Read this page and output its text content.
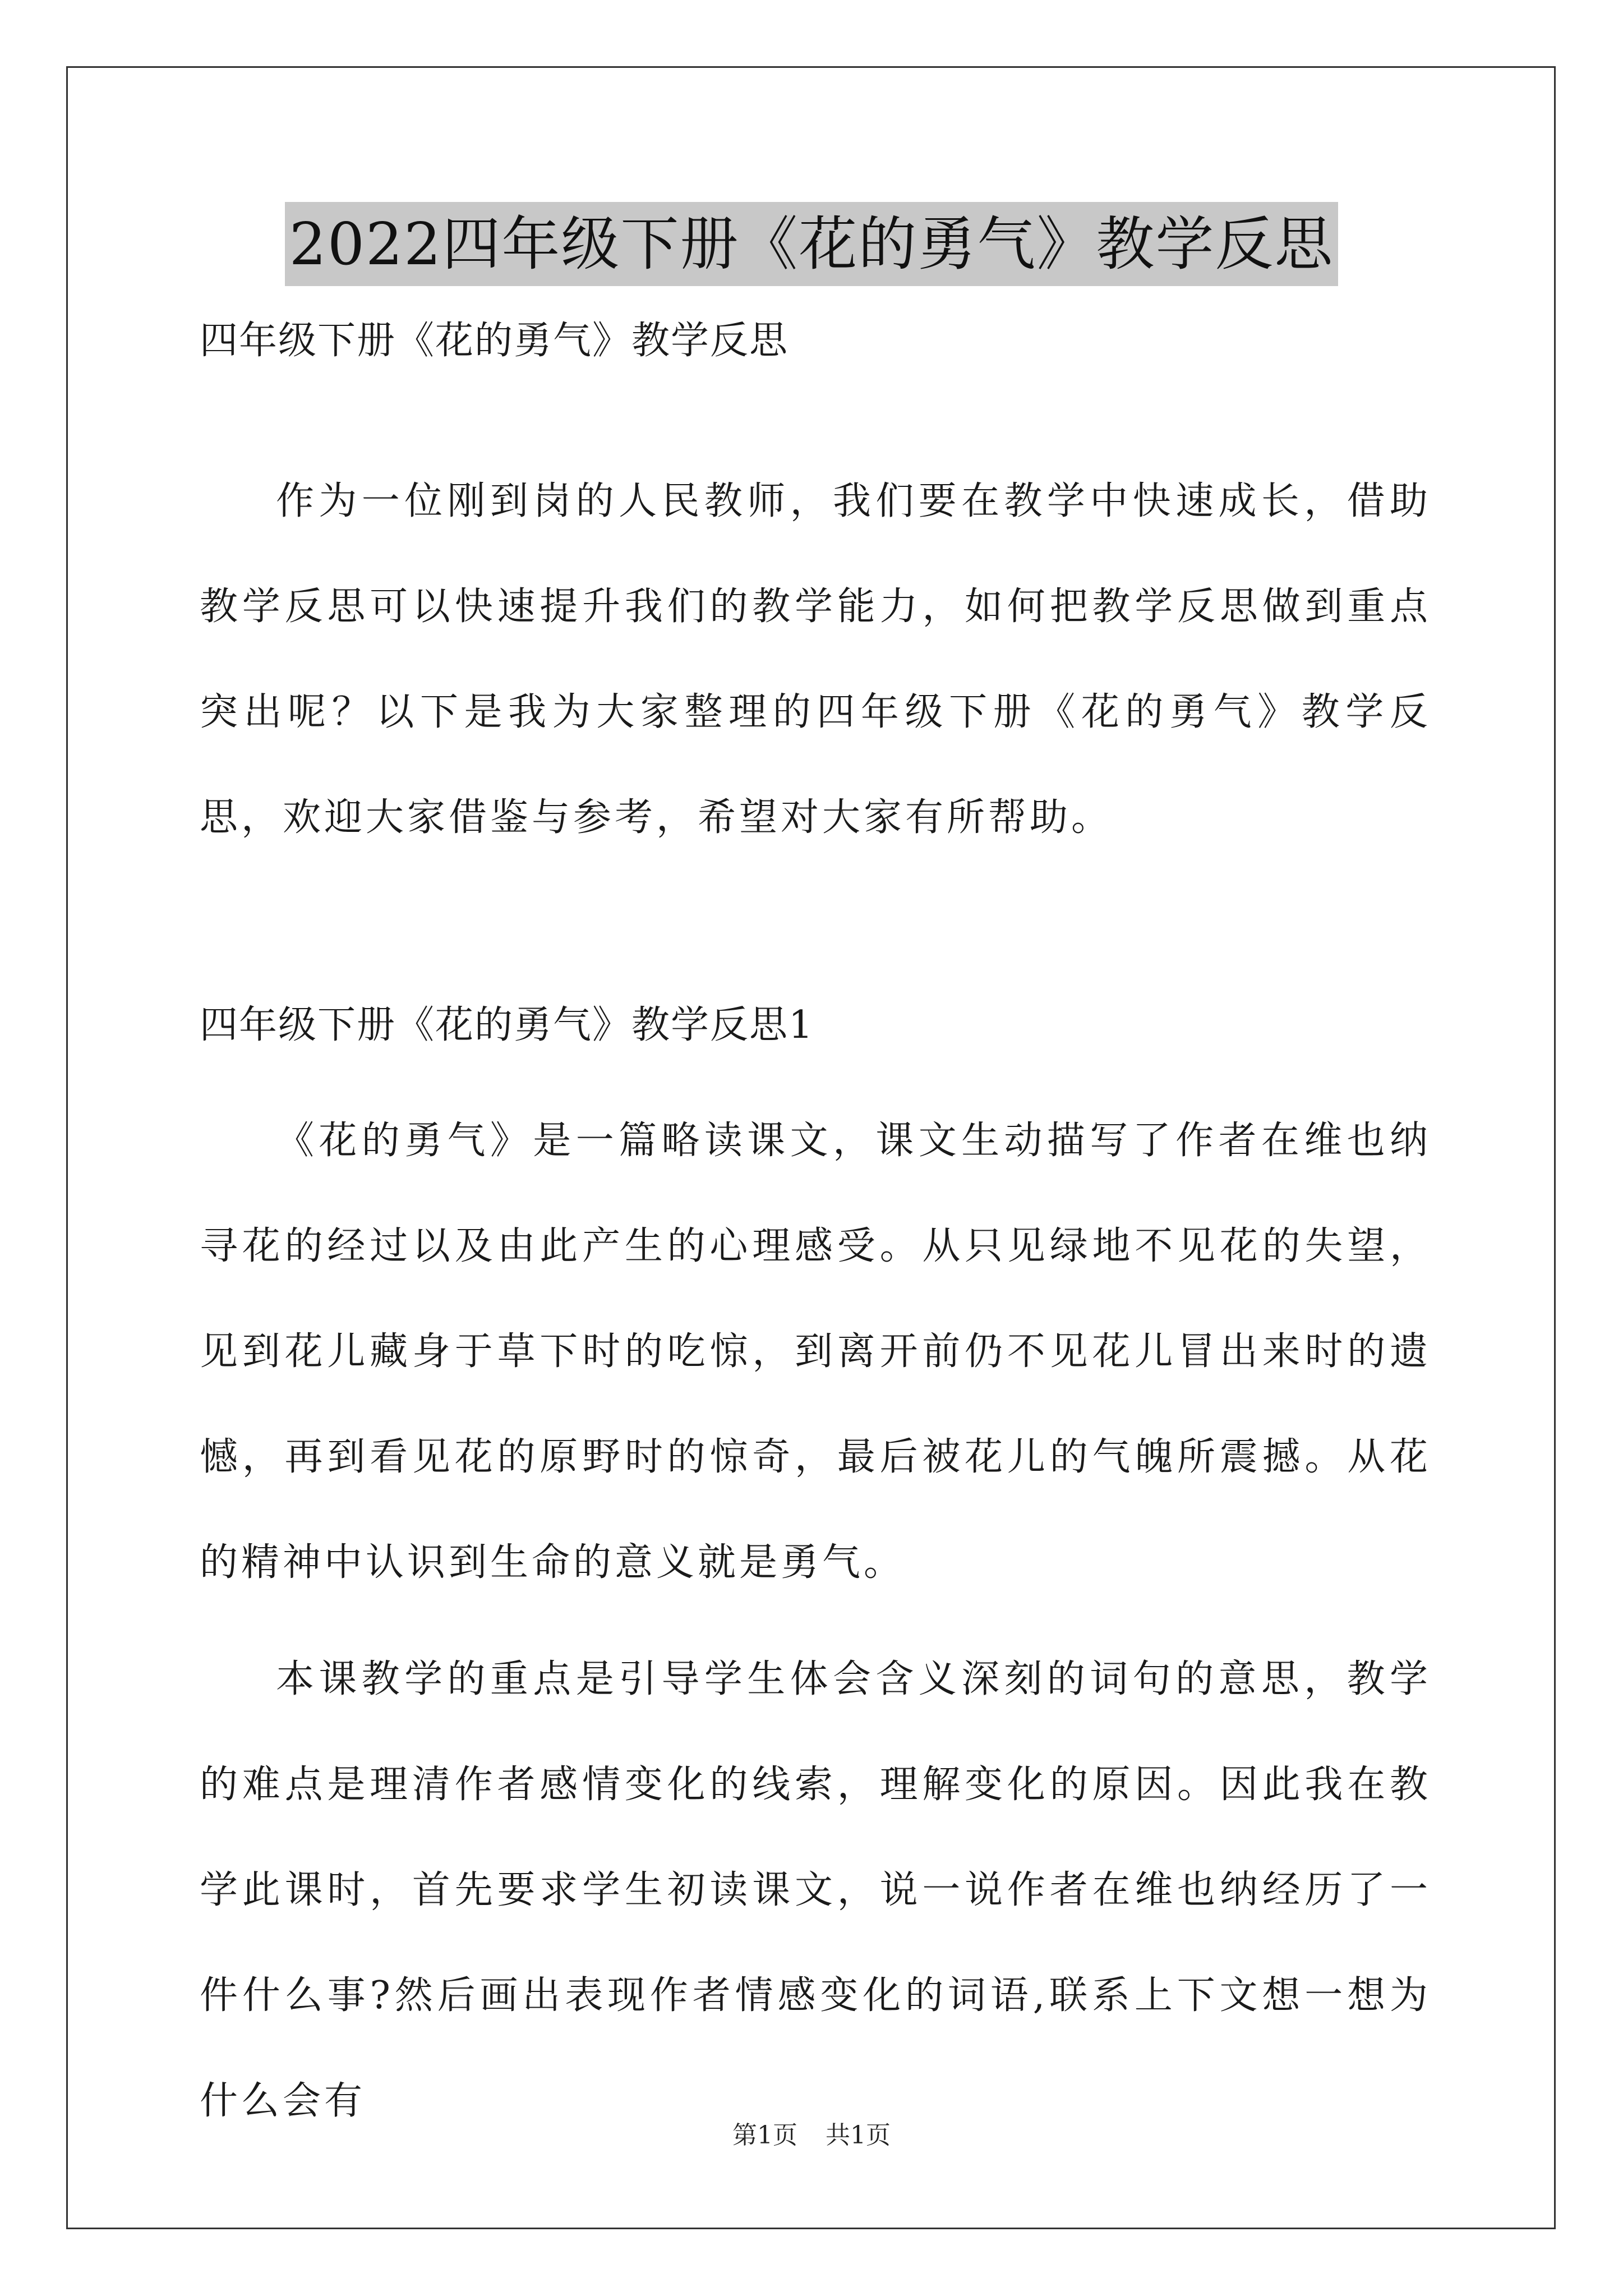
2022四年级下册《花的勇气》教学反思
四年级下册《花的勇气》教学反思
作为一位刚到岗的人民教师，我们要在教学中快速成长，借助教学反思可以快速提升我们的教学能力，如何把教学反思做到重点突出呢？以下是我为大家整理的四年级下册《花的勇气》教学反思，欢迎大家借鉴与参考，希望对大家有所帮助。
四年级下册《花的勇气》教学反思1
《花的勇气》是一篇略读课文，课文生动描写了作者在维也纳寻花的经过以及由此产生的心理感受。从只见绿地不见花的失望，见到花儿藏身于草下时的吃惊，到离开前仍不见花儿冒出来时的遗憾，再到看见花的原野时的惊奇，最后被花儿的气魄所震撼。从花的精神中认识到生命的意义就是勇气。
本课教学的重点是引导学生体会含义深刻的词句的意思，教学的难点是理清作者感情变化的线索，理解变化的原因。因此我在教学此课时，首先要求学生初读课文，说一说作者在维也纳经历了一件什么事?然后画出表现作者情感变化的词语,联系上下文想一想为什么会有
第1页 共1页
